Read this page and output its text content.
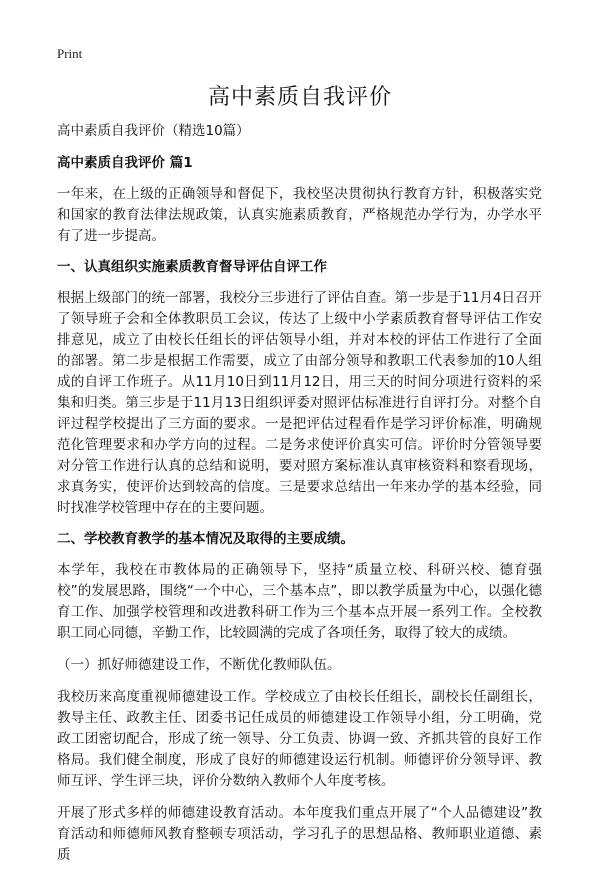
Print
高中素质自我评价

高中素质自我评价（精选10篇）

高中素质自我评价 篇1

一年来，在上级的正确领导和督促下，我校坚决贯彻执行教育方针，积极落实党和国家的教育法律法规政策，认真实施素质教育，严格规范办学行为，办学水平有了进一步提高。

一、认真组织实施素质教育督导评估自评工作

根据上级部门的统一部署，我校分三步进行了评估自查。第一步是于11月4日召开了领导班子会和全体教职员工会议，传达了上级中小学素质教育督导评估工作安排意见，成立了由校长任组长的评估领导小组，并对本校的评估工作进行了全面的部署。第二步是根据工作需要，成立了由部分领导和教职工代表参加的10人组成的自评工作班子。从11月10日到11月12日，用三天的时间分项进行资料的采集和归类。第三步是于11月13日组织评委对照评估标准进行自评打分。对整个自评过程学校提出了三方面的要求。一是把评估过程看作是学习评价标准，明确规范化管理要求和办学方向的过程。二是务求使评价真实可信。评价时分管领导要对分管工作进行认真的总结和说明，要对照方案标准认真审核资料和察看现场，求真务实，使评价达到较高的信度。三是要求总结出一年来办学的基本经验，同时找准学校管理中存在的主要问题。

二、学校教育教学的基本情况及取得的主要成绩。

本学年，我校在市教体局的正确领导下，坚持“质量立校、科研兴校、德育强校”的发展思路，围绕“一个中心，三个基本点”，即以教学质量为中心，以强化德育工作、加强学校管理和改进教科研工作为三个基本点开展一系列工作。全校教职工同心同德，辛勤工作，比较圆满的完成了各项任务，取得了较大的成绩。

（一）抓好师德建设工作，不断优化教师队伍。

我校历来高度重视师德建设工作。学校成立了由校长任组长，副校长任副组长，教导主任、政教主任、团委书记任成员的师德建设工作领导小组，分工明确，党政工团密切配合，形成了统一领导、分工负责、协调一致、齐抓共管的良好工作格局。我们健全制度，形成了良好的师德建设运行机制。师德评价分领导评、教师互评、学生评三块，评价分数纳入教师个人年度考核。

开展了形式多样的师德建设教育活动。本年度我们重点开展了“个人品德建设”教育活动和师德师风教育整顿专项活动，学习孔子的思想品格、教师职业道德、素质
